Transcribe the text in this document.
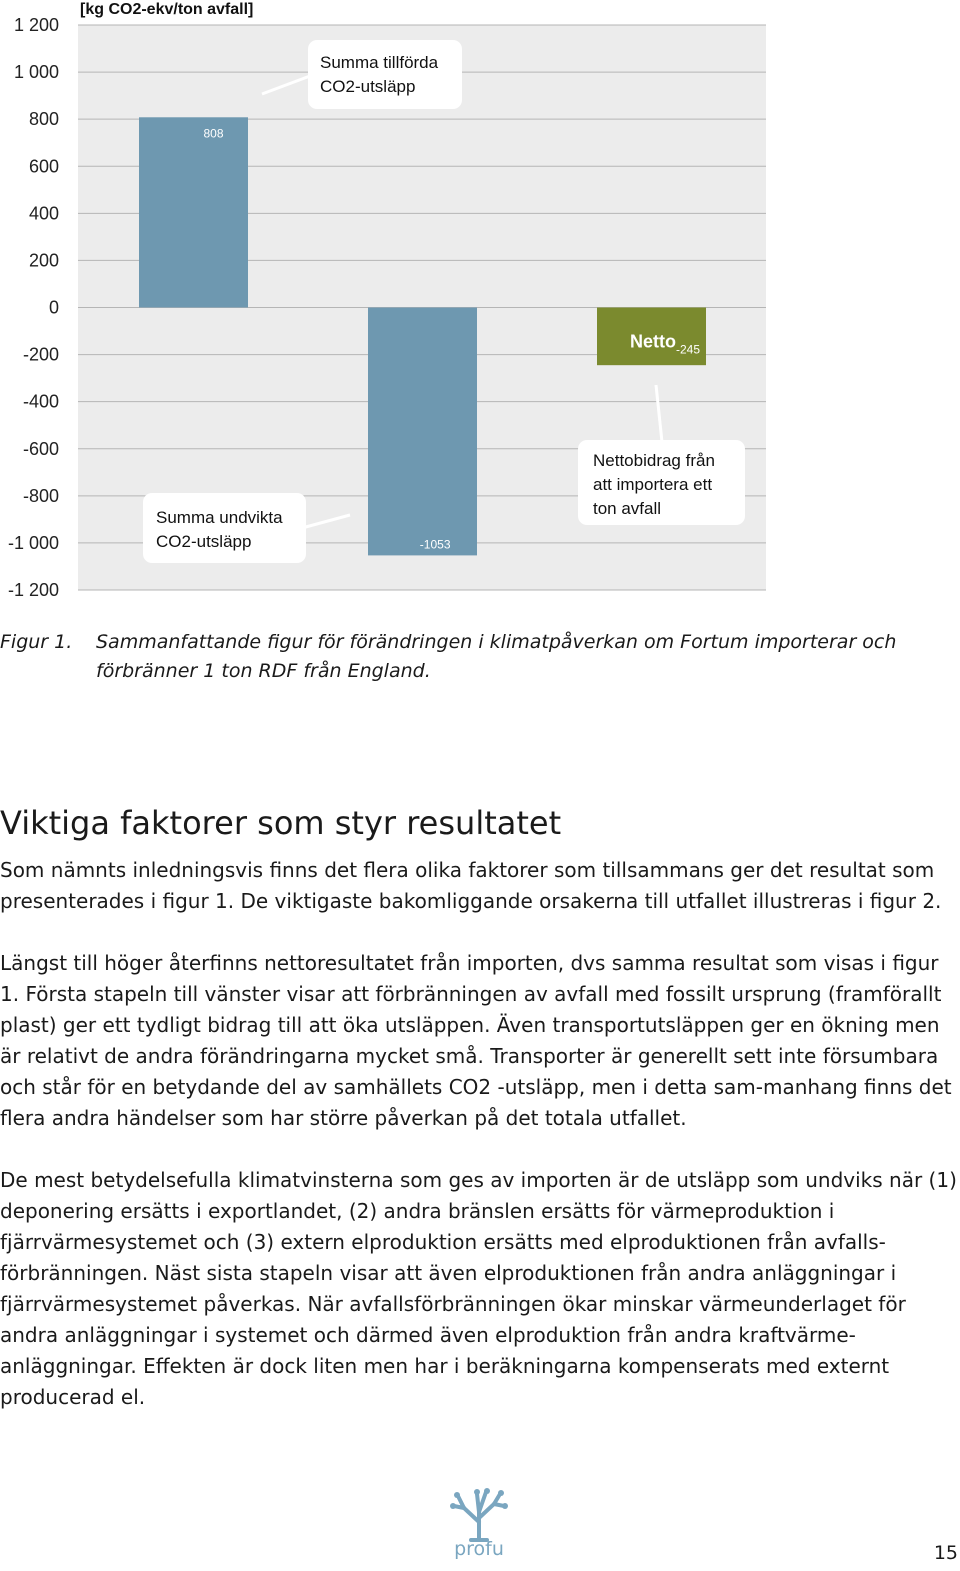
1 200
1 000
800
600
400
200
0
-200
-400
-600
-800
-1 000
-1 200
[kg CO2-ekv/ton avfall]
808
-1053
Netto$_{-245}$
Summa tillförda CO2-utsläpp
Summa undvikta CO2-utsläpp
Nettobidrag från att importera ett ton avfall
Figur 1. Sammanfattande figur för förändringen i klimatpåverkan om Fortum importerar och förbränner 1 ton RDF från England.
Viktiga faktorer som styr resultatet

Som nämnts inledningsvis finns det flera olika faktorer som tillsammans ger det resultat som presenterades i figur 1. De viktigaste bakomliggande orsakerna till utfallet illustreras i figur 2.

Längst till höger återfinns nettoresultatet från importen, dvs samma resultat som visas i figur 1. Första stapeln till vänster visar att förbränningen av avfall med fossilt ursprung (framförallt plast) ger ett tydligt bidrag till att öka utsläppen. Även transportutsläppen ger en ökning men är relativt de andra förändringarna mycket små. Transporter är generellt sett inte försumbara och står för en betydande del av samhällets CO2 -utsläpp, men i detta sam-manhang finns det flera andra händelser som har större påverkan på det totala utfallet.

De mest betydelsefulla klimatvinsterna som ges av importen är de utsläpp som undviks när (1) deponering ersätts i exportlandet, (2) andra bränslen ersätts för värmeproduktion i fjärrvärmesystemet och (3) extern elproduktion ersätts med elproduktionen från avfalls-förbränningen. Näst sista stapeln visar att även elproduktionen från andra anläggningar i fjärrvärmesystemet påverkas. När avfallsförbränningen ökar minskar värmeunderlaget för andra anläggningar i systemet och därmed även elproduktion från andra kraftvärme-anläggningar. Effekten är dock liten men har i beräkningarna kompenserats med externt producerad el.

profu	15
